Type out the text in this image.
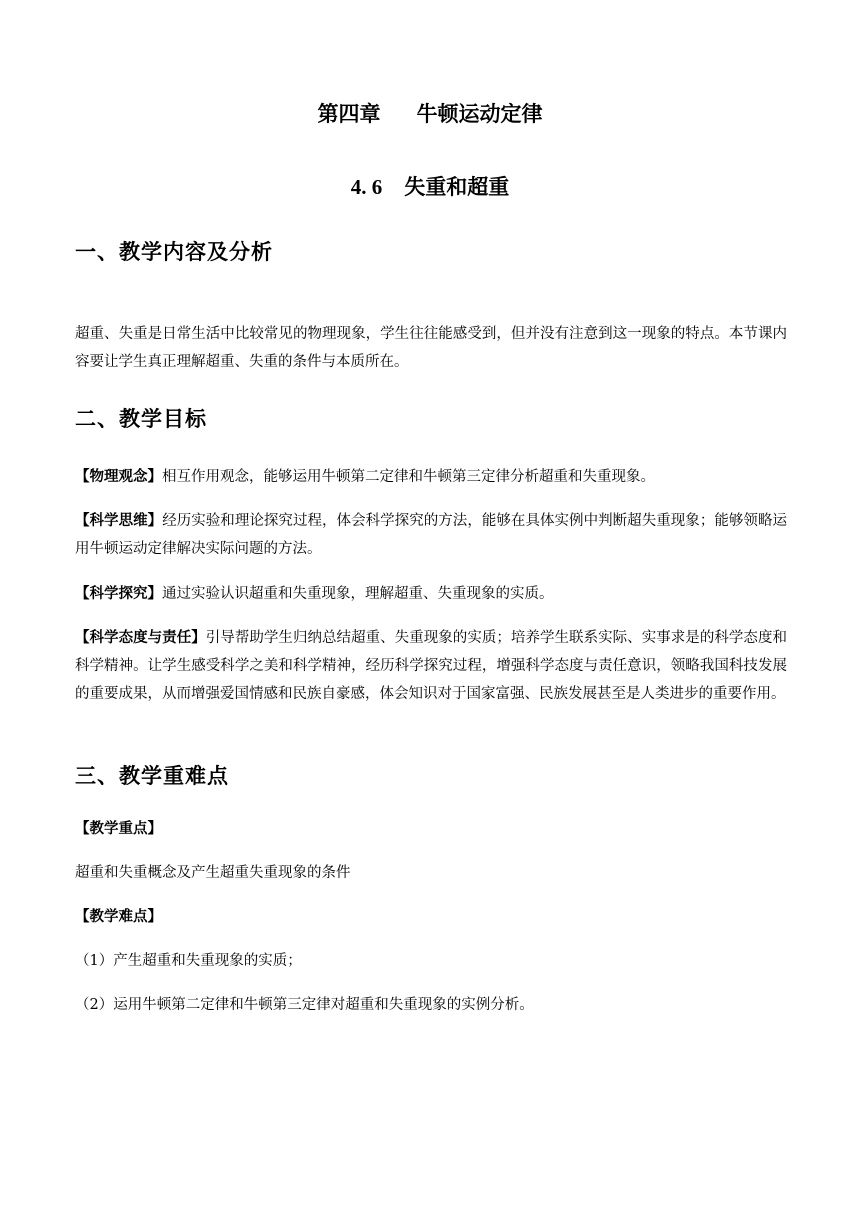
第四章 牛顿运动定律
4. 6 失重和超重
一、教学内容及分析

超重、失重是日常生活中比较常见的物理现象，学生往往能感受到，但并没有注意到这一现象的特点。本节课内容要让学生真正理解超重、失重的条件与本质所在。

二、教学目标

【物理观念】相互作用观念，能够运用牛顿第二定律和牛顿第三定律分析超重和失重现象。

【科学思维】经历实验和理论探究过程，体会科学探究的方法，能够在具体实例中判断超失重现象；能够领略运用牛顿运动定律解决实际问题的方法。

【科学探究】通过实验认识超重和失重现象，理解超重、失重现象的实质。

【科学态度与责任】引导帮助学生归纳总结超重、失重现象的实质；培养学生联系实际、实事求是的科学态度和科学精神。让学生感受科学之美和科学精神，经历科学探究过程，增强科学态度与责任意识，领略我国科技发展的重要成果，从而增强爱国情感和民族自豪感，体会知识对于国家富强、民族发展甚至是人类进步的重要作用。

三、教学重难点

【教学重点】

超重和失重概念及产生超重失重现象的条件

【教学难点】

（1）产生超重和失重现象的实质；

（2）运用牛顿第二定律和牛顿第三定律对超重和失重现象的实例分析。
